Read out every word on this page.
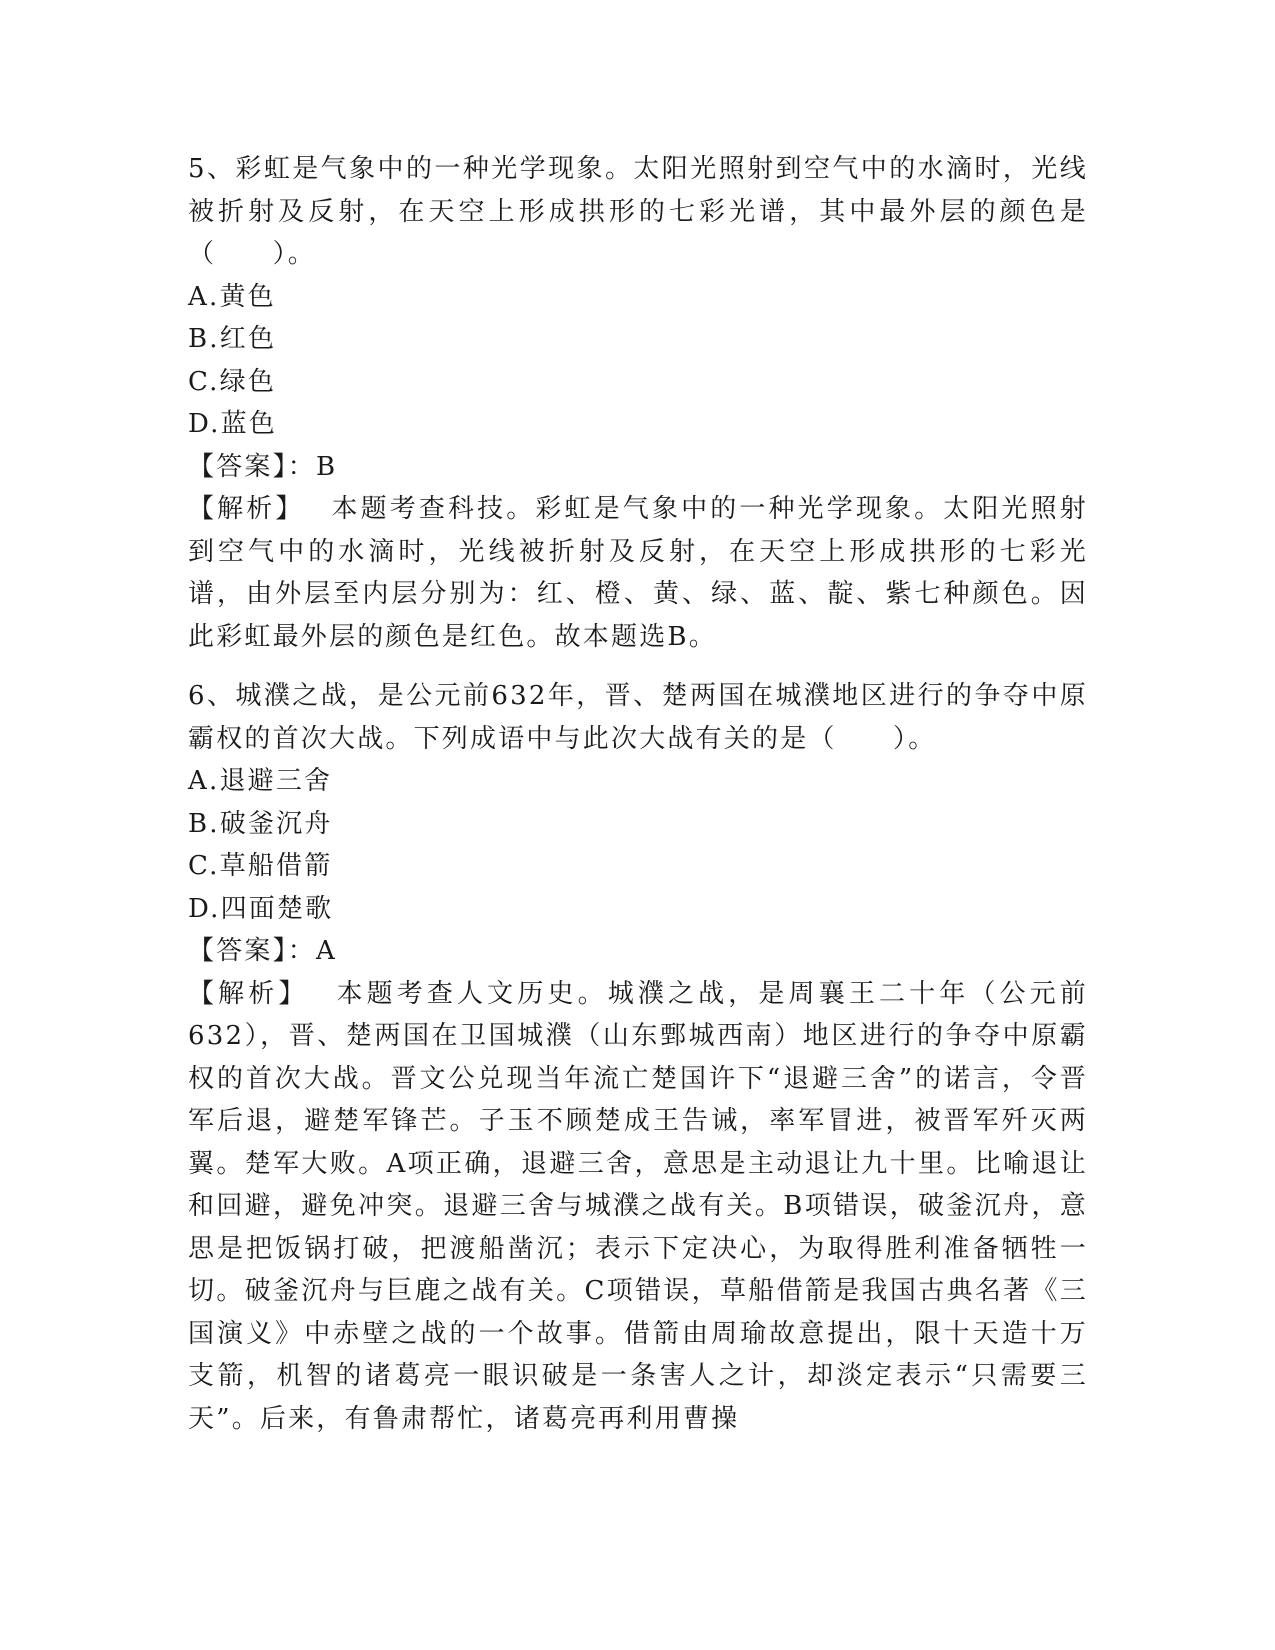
5、彩虹是气象中的一种光学现象。太阳光照射到空气中的水滴时，光线被折射及反射，在天空上形成拱形的七彩光谱，其中最外层的颜色是（　　）。

A.黄色

B.红色

C.绿色

D.蓝色

【答案】：B

【解析】 本题考查科技。彩虹是气象中的一种光学现象。太阳光照射到空气中的水滴时，光线被折射及反射，在天空上形成拱形的七彩光谱，由外层至内层分别为：红、橙、黄、绿、蓝、靛、紫七种颜色。因此彩虹最外层的颜色是红色。故本题选B。

6、城濮之战，是公元前632年，晋、楚两国在城濮地区进行的争夺中原霸权的首次大战。下列成语中与此次大战有关的是（　　）。

A.退避三舍

B.破釜沉舟

C.草船借箭

D.四面楚歌

【答案】：A

【解析】 本题考查人文历史。城濮之战，是周襄王二十年（公元前632），晋、楚两国在卫国城濮（山东鄄城西南）地区进行的争夺中原霸权的首次大战。晋文公兑现当年流亡楚国许下“退避三舍”的诺言，令晋军后退，避楚军锋芒。子玉不顾楚成王告诫，率军冒进，被晋军歼灭两翼。楚军大败。A项正确，退避三舍，意思是主动退让九十里。比喻退让和回避，避免冲突。退避三舍与城濮之战有关。B项错误，破釜沉舟，意思是把饭锅打破，把渡船凿沉；表示下定决心，为取得胜利准备牺牲一切。破釜沉舟与巨鹿之战有关。C项错误，草船借箭是我国古典名著《三国演义》中赤壁之战的一个故事。借箭由周瑜故意提出，限十天造十万支箭，机智的诸葛亮一眼识破是一条害人之计，却淡定表示“只需要三天”。后来，有鲁肃帮忙，诸葛亮再利用曹操
